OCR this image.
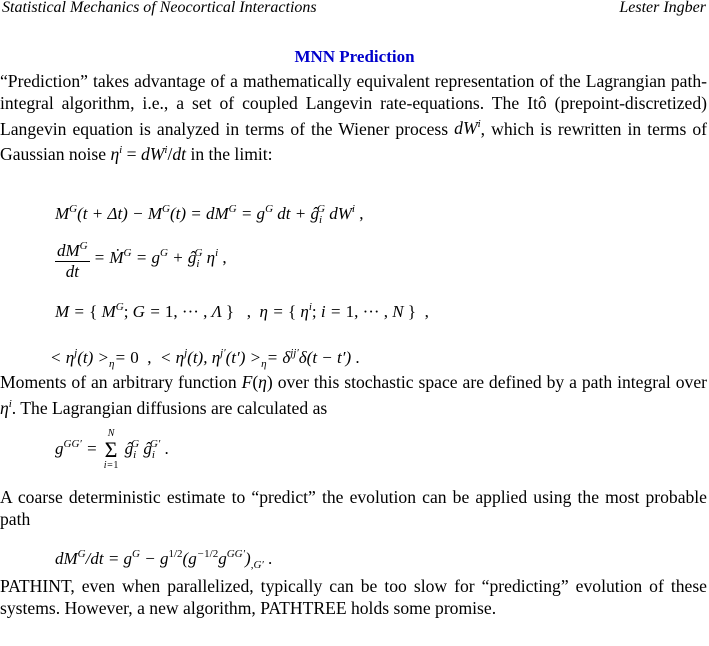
Statistical Mechanics of Neocortical Interactions	Lester Ingber
MNN Prediction

“Prediction” takes advantage of a mathematically equivalent representation of the Lagrangian path-integral algorithm, i.e., a set of coupled Langevin rate-equations. The Itô (prepoint-discretized) Langevin equation is analyzed in terms of the Wiener process $dW^i$, which is rewritten in terms of Gaussian noise $\eta^i = dW^i/dt$ in the limit:

$M^G(t + \Delta t) - M^G(t) = dM^G = g^G$ dt + $ĝ_i^G$ $dW^i$ ,
$\frac{dM^G}{dt}$ = Ṁ$^G$ = $g^G$ + $ĝ_i^G$ $\eta^i$ ,
M = { $M^G$; G = 1, ··· , Λ } ,  η = { $\eta^i$; i = 1, ··· , N } ,
< $\eta^j(t) >_\eta= 0$ ,  < $\eta^j(t)$, $\eta^{j'}(t') >_\eta= \delta^{jj'}\delta(t - t')$ .

Moments of an arbitrary function F(η) over this stochastic space are defined by a path integral over $\eta^i$. The Lagrangian diffusions are calculated as

$g^{GG'}$ =
N
Σ
i=1
$ĝ_i^G$ $ĝ_i^{G'}$ .

A coarse deterministic estimate to “predict” the evolution can be applied using the most probable path

$dM^G/dt = g^G - g^{1/2}(g^{-1/2}g^{GG'})_{,G'}$ .

PATHINT, even when parallelized, typically can be too slow for “predicting” evolution of these systems. However, a new algorithm, PATHTREE holds some promise.
